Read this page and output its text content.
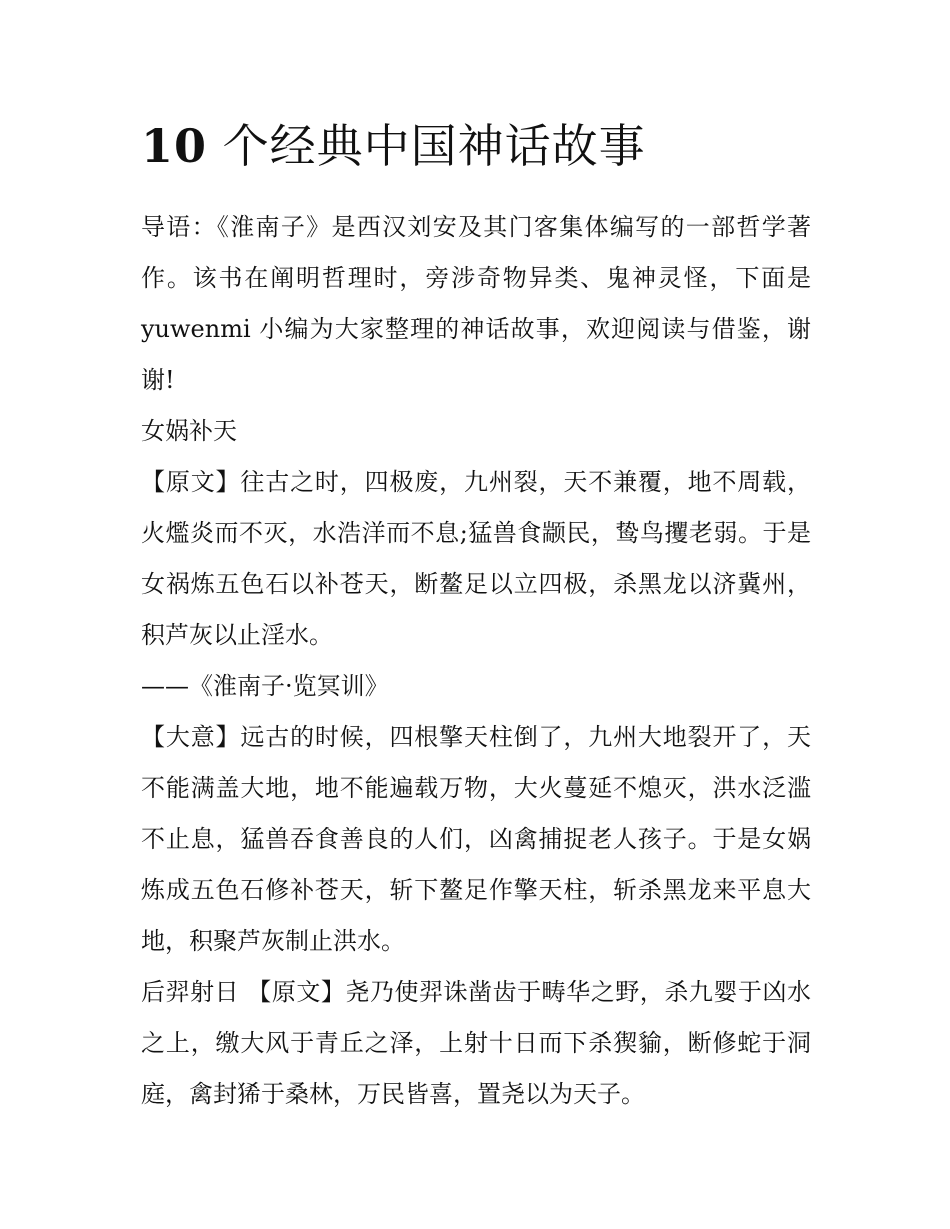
10 个经典中国神话故事

导语：《淮南子》是西汉刘安及其门客集体编写的一部哲学著作。该书在阐明哲理时，旁涉奇物异类、鬼神灵怪，下面是 yuwenmi 小编为大家整理的神话故事，欢迎阅读与借鉴，谢谢!

女娲补天

【原文】往古之时，四极废，九州裂，天不兼覆，地不周载，火爁炎而不灭，水浩洋而不息;猛兽食颛民，鸷鸟攫老弱。于是女祸炼五色石以补苍天，断鳌足以立四极，杀黑龙以济冀州，积芦灰以止淫水。

——《淮南子·览冥训》

【大意】远古的时候，四根擎天柱倒了，九州大地裂开了，天不能满盖大地，地不能遍载万物，大火蔓延不熄灭，洪水泛滥不止息，猛兽吞食善良的人们，凶禽捕捉老人孩子。于是女娲炼成五色石修补苍天，斩下鳌足作擎天柱，斩杀黑龙来平息大地，积聚芦灰制止洪水。

后羿射日 【原文】尧乃使羿诛凿齿于畴华之野，杀九婴于凶水之上，缴大风于青丘之泽，上射十日而下杀猰貐，断修蛇于洞庭，禽封狶于桑林，万民皆喜，置尧以为天子。
